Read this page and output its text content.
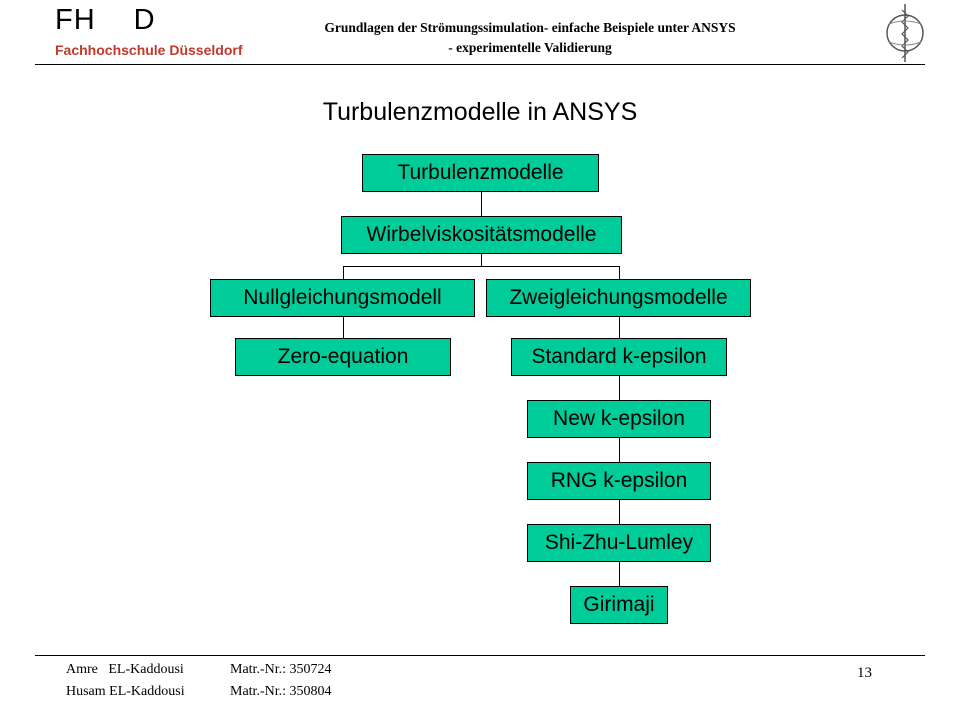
FH D
Fachhochschule Düsseldorf
Grundlagen der Strömungssimulation- einfache Beispiele unter ANSYS
- experimentelle Validierung
Turbulenzmodelle in ANSYS
Turbulenzmodelle
Wirbelviskositätsmodelle
Nullgleichungsmodell	Zweigleichungsmodelle
Zero-equation	Standard k-epsilon
New k-epsilon
RNG k-epsilon
Shi-Zhu-Lumley
Girimaji
Amre   EL-Kaddousi	Matr.-Nr.: 350724
Husam EL-Kaddousi	Matr.-Nr.: 350804
13
